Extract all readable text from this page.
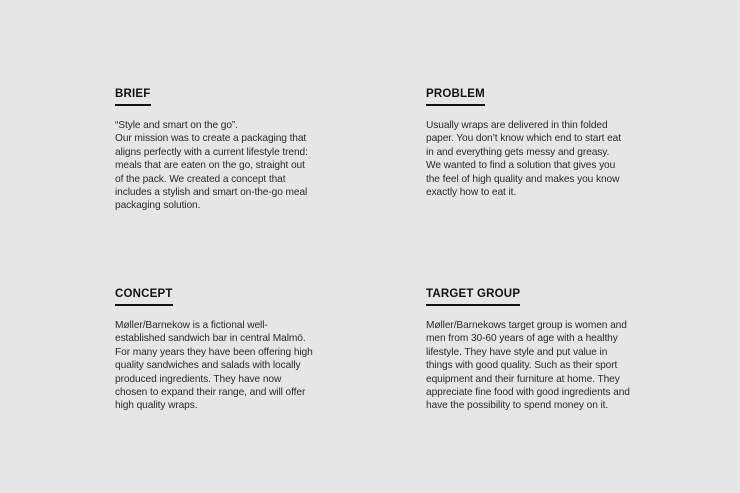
BRIEF

“Style and smart on the go”.

Our mission was to create a packaging that aligns perfectly with a current lifestyle trend: meals that are eaten on the go, straight out of the pack. We created a concept that includes a stylish and smart on-the-go meal packaging solution.

PROBLEM

Usually wraps are delivered in thin folded paper. You don’t know which end to start eat in and everything gets messy and greasy. We wanted to find a solution that gives you the feel of high quality and makes you know exactly how to eat it.

CONCEPT

Møller/Barnekow is a fictional well-established sandwich bar in central Malmö. For many years they have been offering high quality sandwiches and salads with locally produced ingredients. They have now chosen to expand their range, and will offer high quality wraps.

TARGET GROUP

Møller/Barnekows target group is women and men from 30-60 years of age with a healthy lifestyle. They have style and put value in things with good quality. Such as their sport equipment and their furniture at home. They appreciate fine food with good ingredients and have the possibility to spend money on it.
